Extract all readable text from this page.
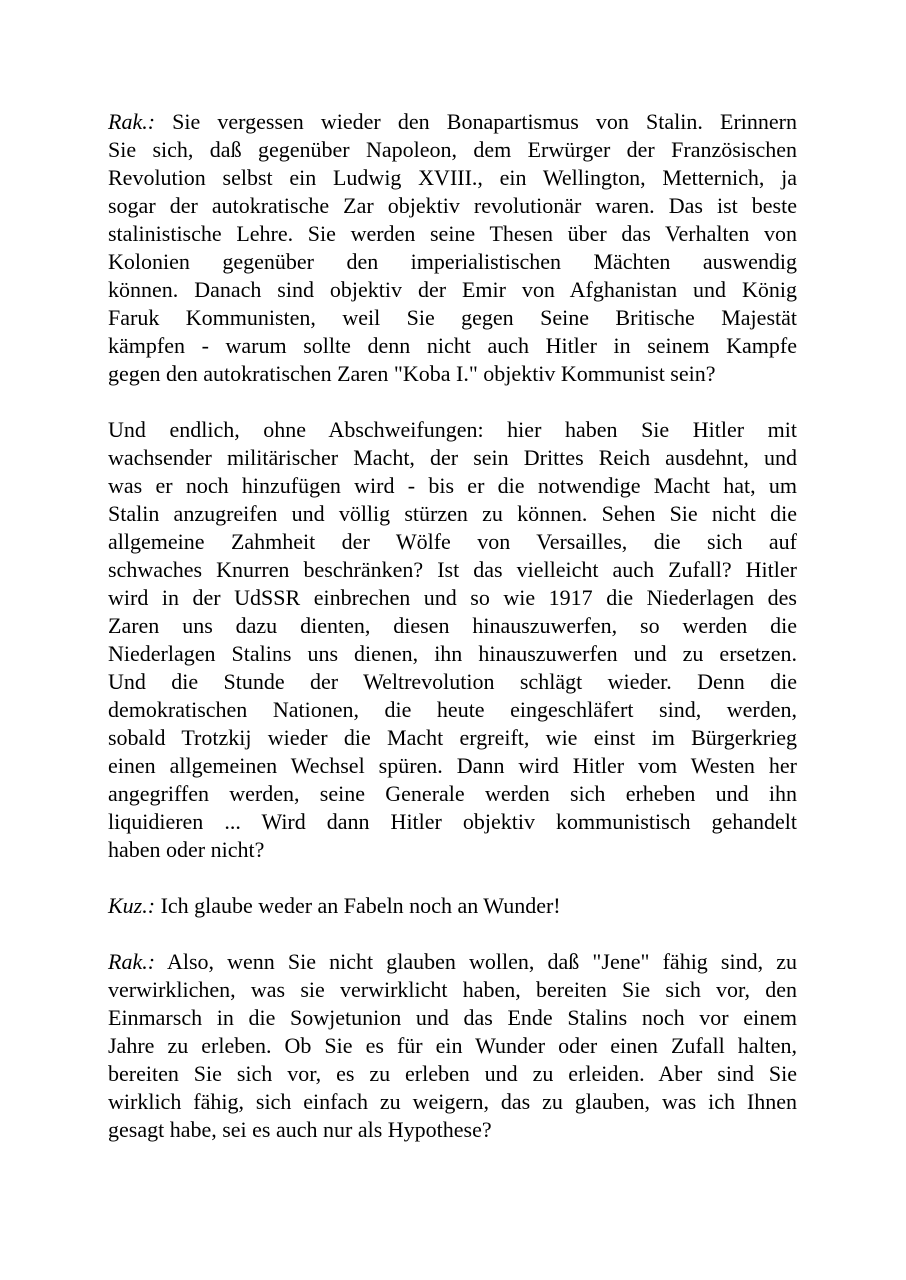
Rak.: Sie vergessen wieder den Bonapartismus von Stalin. Erinnern
Sie sich, daß gegenüber Napoleon, dem Erwürger der Französischen
Revolution selbst ein Ludwig XVIII., ein Wellington, Metternich, ja
sogar der autokratische Zar objektiv revolutionär waren. Das ist beste
stalinistische Lehre. Sie werden seine Thesen über das Verhalten von
Kolonien gegenüber den imperialistischen Mächten auswendig
können. Danach sind objektiv der Emir von Afghanistan und König
Faruk Kommunisten, weil Sie gegen Seine Britische Majestät
kämpfen - warum sollte denn nicht auch Hitler in seinem Kampfe
gegen den autokratischen Zaren "Koba I." objektiv Kommunist sein?
Und endlich, ohne Abschweifungen: hier haben Sie Hitler mit
wachsender militärischer Macht, der sein Drittes Reich ausdehnt, und
was er noch hinzufügen wird - bis er die notwendige Macht hat, um
Stalin anzugreifen und völlig stürzen zu können. Sehen Sie nicht die
allgemeine Zahmheit der Wölfe von Versailles, die sich auf
schwaches Knurren beschränken? Ist das vielleicht auch Zufall? Hitler
wird in der UdSSR einbrechen und so wie 1917 die Niederlagen des
Zaren uns dazu dienten, diesen hinauszuwerfen, so werden die
Niederlagen Stalins uns dienen, ihn hinauszuwerfen und zu ersetzen.
Und die Stunde der Weltrevolution schlägt wieder. Denn die
demokratischen Nationen, die heute eingeschläfert sind, werden,
sobald Trotzkij wieder die Macht ergreift, wie einst im Bürgerkrieg
einen allgemeinen Wechsel spüren. Dann wird Hitler vom Westen her
angegriffen werden, seine Generale werden sich erheben und ihn
liquidieren ... Wird dann Hitler objektiv kommunistisch gehandelt
haben oder nicht?
Kuz.: Ich glaube weder an Fabeln noch an Wunder!
Rak.: Also, wenn Sie nicht glauben wollen, daß "Jene" fähig sind, zu
verwirklichen, was sie verwirklicht haben, bereiten Sie sich vor, den
Einmarsch in die Sowjetunion und das Ende Stalins noch vor einem
Jahre zu erleben. Ob Sie es für ein Wunder oder einen Zufall halten,
bereiten Sie sich vor, es zu erleben und zu erleiden. Aber sind Sie
wirklich fähig, sich einfach zu weigern, das zu glauben, was ich Ihnen
gesagt habe, sei es auch nur als Hypothese?
